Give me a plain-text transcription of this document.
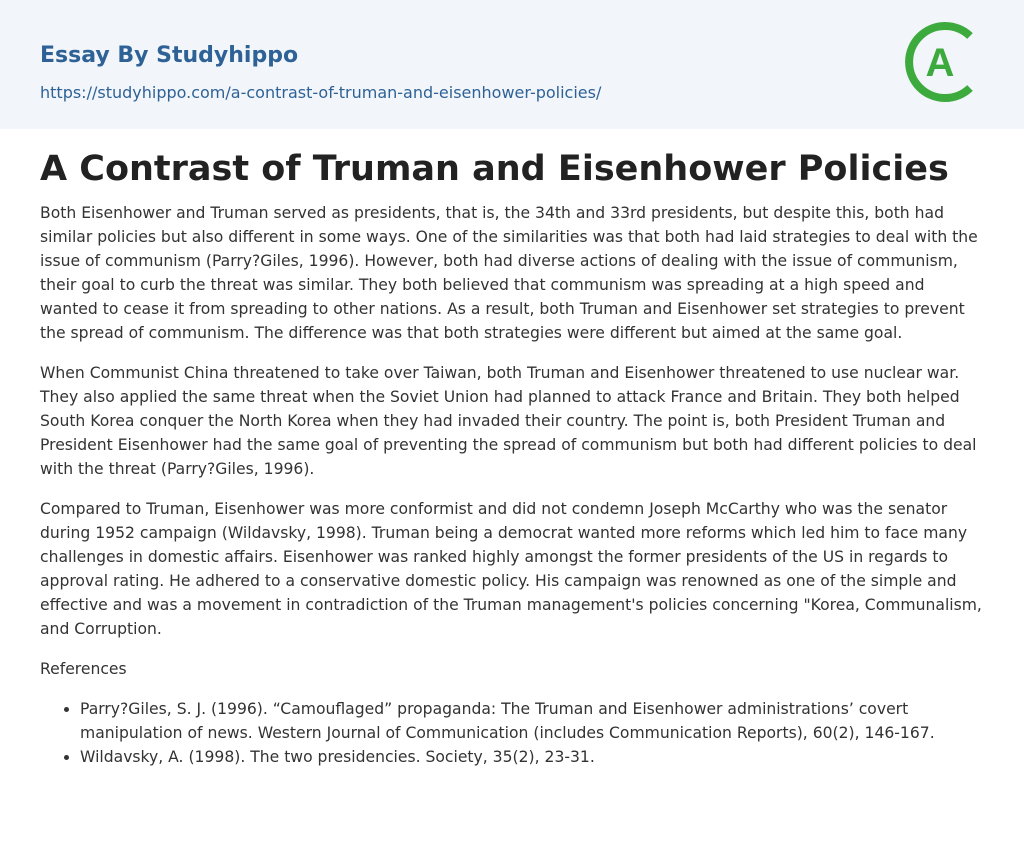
Essay By Studyhippo
https://studyhippo.com/a-contrast-of-truman-and-eisenhower-policies/
A
A Contrast of Truman and Eisenhower Policies

Both Eisenhower and Truman served as presidents, that is, the 34th and 33rd presidents, but despite this, both had similar policies but also different in some ways. One of the similarities was that both had laid strategies to deal with the issue of communism (Parry?Giles, 1996). However, both had diverse actions of dealing with the issue of communism, their goal to curb the threat was similar. They both believed that communism was spreading at a high speed and wanted to cease it from spreading to other nations. As a result, both Truman and Eisenhower set strategies to prevent the spread of communism. The difference was that both strategies were different but aimed at the same goal.

When Communist China threatened to take over Taiwan, both Truman and Eisenhower threatened to use nuclear war. They also applied the same threat when the Soviet Union had planned to attack France and Britain. They both helped South Korea conquer the North Korea when they had invaded their country. The point is, both President Truman and President Eisenhower had the same goal of preventing the spread of communism but both had different policies to deal with the threat (Parry?Giles, 1996).

Compared to Truman, Eisenhower was more conformist and did not condemn Joseph McCarthy who was the senator during 1952 campaign (Wildavsky, 1998). Truman being a democrat wanted more reforms which led him to face many challenges in domestic affairs. Eisenhower was ranked highly amongst the former presidents of the US in regards to approval rating. He adhered to a conservative domestic policy. His campaign was renowned as one of the simple and effective and was a movement in contradiction of the Truman management's policies concerning "Korea, Communalism, and Corruption.

References

• Parry?Giles, S. J. (1996). “Camouflaged” propaganda: The Truman and Eisenhower administrations’ covert manipulation of news. Western Journal of Communication (includes Communication Reports), 60(2), 146-167.
• Wildavsky, A. (1998). The two presidencies. Society, 35(2), 23-31.
